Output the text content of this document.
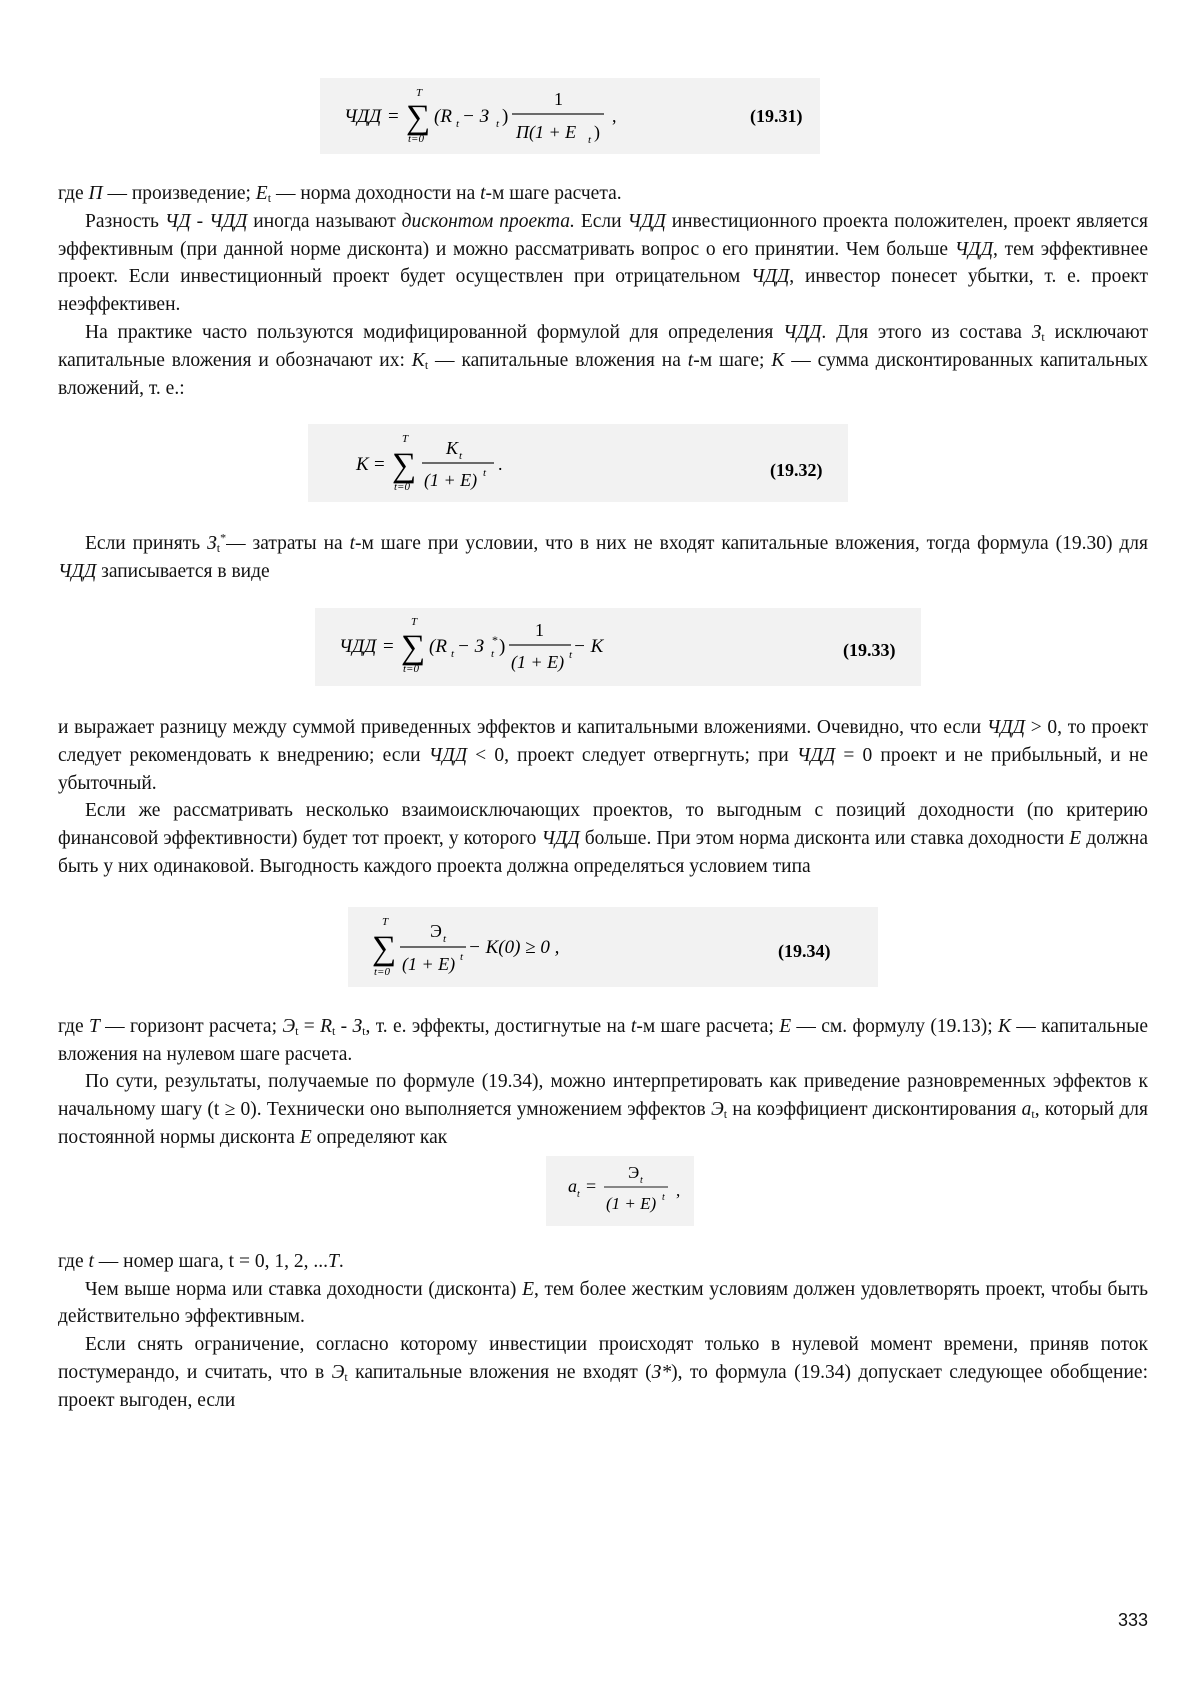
ЧДД = ∑
T
t=0
(R t − З t )
1
П(1 + E t )
,	(19.31)

где П — произведение; $E_t$ — норма доходности на t-м шаге расчета.

Разность ЧД - ЧДД иногда называют дисконтом проекта. Если ЧДД инвестиционного проекта положителен, проект является эффективным (при данной норме дисконта) и можно рассматривать вопрос о его принятии. Чем больше ЧДД, тем эффективнее проект. Если инвестиционный проект будет осуществлен при отрицательном ЧДД, инвестор понесет убытки, т. е. проект неэффективен.

На практике часто пользуются модифицированной формулой для определения ЧДД. Для этого из состава $З_t$ исключают капитальные вложения и обозначают их: $K_t$ — капитальные вложения на t-м шаге; K — сумма дисконтированных капитальных вложений, т. е.:

K = ∑
T
t=0
K t
(1 + E) t .	(19.32)

Если принять $З_t^*—$ затраты на t-м шаге при условии, что в них не входят капитальные вложения, тогда формула (19.30) для ЧДД записывается в виде

ЧДД = ∑
T
t=0
(R t − З t
* )
1
(1 + E) t − K	(19.33)

и выражает разницу между суммой приведенных эффектов и капитальными вложениями. Очевидно, что если ЧДД > 0, то проект следует рекомендовать к внедрению; если ЧДД < 0, проект следует отвергнуть; при ЧДД = 0 проект и не прибыльный, и не убыточный.

Если же рассматривать несколько взаимоисключающих проектов, то выгодным с позиций доходности (по критерию финансовой эффективности) будет тот проект, у которого ЧДД больше. При этом норма дисконта или ставка доходности E должна быть у них одинаковой. Выгодность каждого проекта должна определяться условием типа

∑
T
t=0
Э t
(1 + E) t − K(0) ≥ 0 ,	(19.34)

где T — горизонт расчета; $Э_t = R_t - З_t$, т. е. эффекты, достигнутые на t-м шаге расчета; E — см. формулу (19.13); K — капитальные вложения на нулевом шаге расчета.

По сути, результаты, получаемые по формуле (19.34), можно интерпретировать как приведение разновременных эффектов к начальному шагу (t ≥ 0). Технически оно выполняется умножением эффектов $Э_t$ на коэффициент дисконтирования $a_t$, который для постоянной нормы дисконта E определяют как

a t =
Э t
(1 + E) t ,

где t — номер шага, t = 0, 1, 2, ...T.

Чем выше норма или ставка доходности (дисконта) E, тем более жестким условиям должен удовлетворять проект, чтобы быть действительно эффективным.

Если снять ограничение, согласно которому инвестиции происходят только в нулевой момент времени, приняв поток постумерандо, и считать, что в $Э_t$ капитальные вложения не входят (З*), то формула (19.34) допускает следующее обобщение: проект выгоден, если

333
